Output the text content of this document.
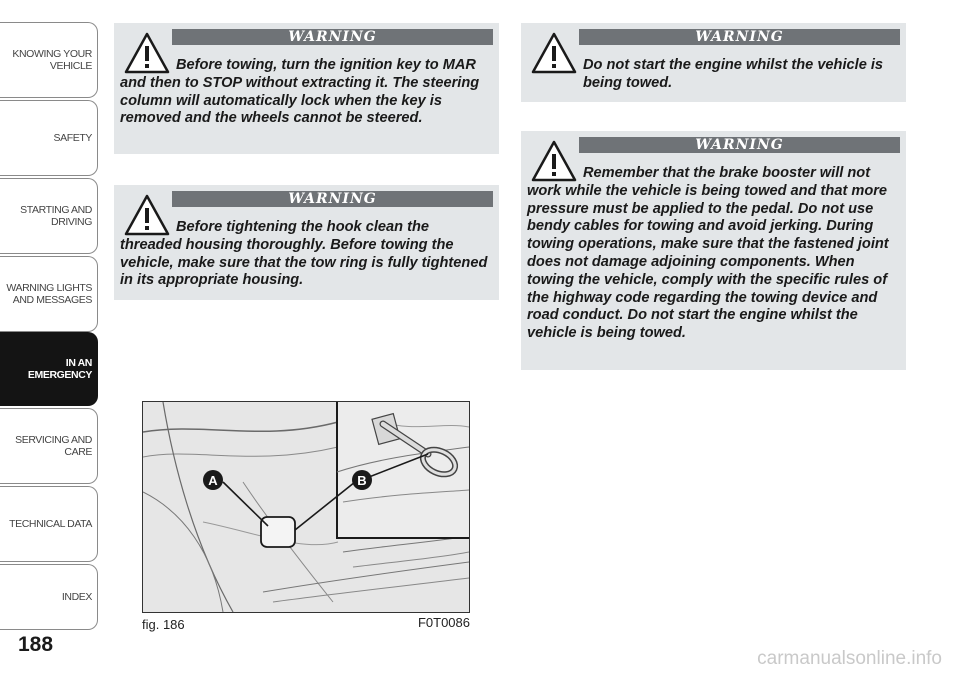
KNOWING YOUR VEHICLE
SAFETY
STARTING AND DRIVING
WARNING LIGHTS AND MESSAGES
IN AN EMERGENCY
SERVICING AND CARE
TECHNICAL DATA
INDEX
188
WARNING
Before towing, turn the ignition key to MAR and then to STOP without extracting it. The steering column will automatically lock when the key is removed and the wheels cannot be steered.
WARNING
Before tightening the hook clean the threaded housing thoroughly. Before towing the vehicle, make sure that the tow ring is fully tightened in its appropriate housing.
WARNING
Do not start the engine whilst the vehicle is being towed.
WARNING
Remember that the brake booster will not work while the vehicle is being towed and that more pressure must be applied to the pedal. Do not use bendy cables for towing and avoid jerking. During towing operations, make sure that the fastened joint does not damage adjoining components. When towing the vehicle, comply with the specific rules of the highway code regarding the towing device and road conduct. Do not start the engine whilst the vehicle is being towed.
A	B
fig. 186	F0T0086
carmanualsonline.info
